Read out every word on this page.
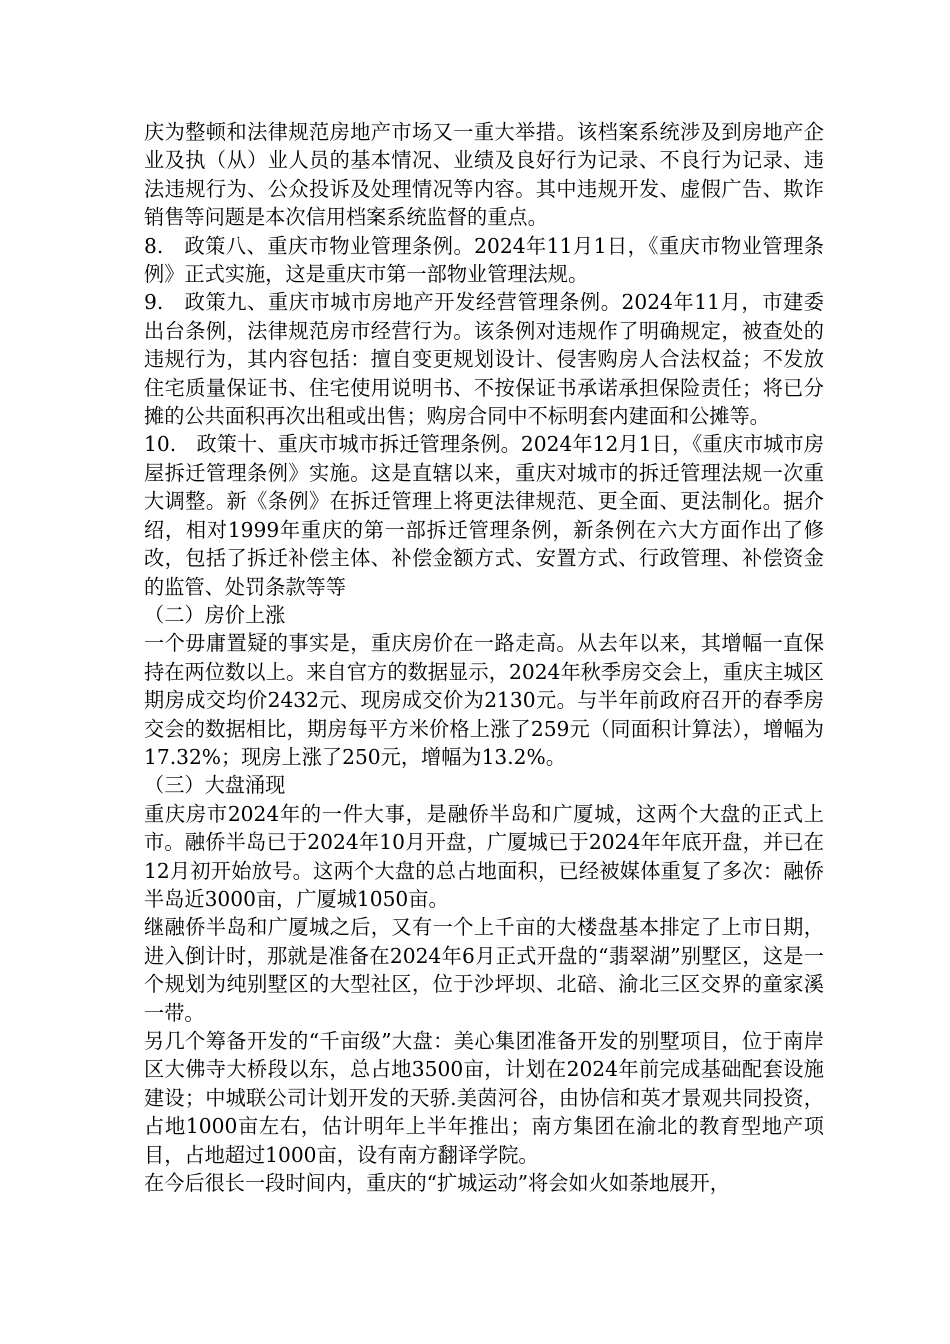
庆为整顿和法律规范房地产市场又一重大举措。该档案系统涉及到房地产企业及执（从）业人员的基本情况、业绩及良好行为记录、不良行为记录、违法违规行为、公众投诉及处理情况等内容。其中违规开发、虚假广告、欺诈销售等问题是本次信用档案系统监督的重点。

8.　政策八、重庆市物业管理条例。2024年11月1日，《重庆市物业管理条例》正式实施，这是重庆市第一部物业管理法规。

9.　政策九、重庆市城市房地产开发经营管理条例。2024年11月，市建委出台条例，法律规范房市经营行为。该条例对违规作了明确规定，被查处的违规行为，其内容包括：擅自变更规划设计、侵害购房人合法权益；不发放住宅质量保证书、住宅使用说明书、不按保证书承诺承担保险责任；将已分摊的公共面积再次出租或出售；购房合同中不标明套内建面和公摊等。

10.　政策十、重庆市城市拆迁管理条例。2024年12月1日，《重庆市城市房屋拆迁管理条例》实施。这是直辖以来，重庆对城市的拆迁管理法规一次重大调整。新《条例》在拆迁管理上将更法律规范、更全面、更法制化。据介绍，相对1999年重庆的第一部拆迁管理条例，新条例在六大方面作出了修改，包括了拆迁补偿主体、补偿金额方式、安置方式、行政管理、补偿资金的监管、处罚条款等等

（二）房价上涨

一个毋庸置疑的事实是，重庆房价在一路走高。从去年以来，其增幅一直保持在两位数以上。来自官方的数据显示，2024年秋季房交会上，重庆主城区期房成交均价2432元、现房成交价为2130元。与半年前政府召开的春季房交会的数据相比，期房每平方米价格上涨了259元（同面积计算法），增幅为17.32%；现房上涨了250元，增幅为13.2%。

（三）大盘涌现

重庆房市2024年的一件大事，是融侨半岛和广厦城，这两个大盘的正式上市。融侨半岛已于2024年10月开盘，广厦城已于2024年年底开盘，并已在12月初开始放号。这两个大盘的总占地面积，已经被媒体重复了多次：融侨半岛近3000亩，广厦城1050亩。

继融侨半岛和广厦城之后，又有一个上千亩的大楼盘基本排定了上市日期，进入倒计时，那就是准备在2024年6月正式开盘的“翡翠湖”别墅区，这是一个规划为纯别墅区的大型社区，位于沙坪坝、北碚、渝北三区交界的童家溪一带。

另几个筹备开发的“千亩级”大盘：美心集团准备开发的别墅项目，位于南岸区大佛寺大桥段以东，总占地3500亩，计划在2024年前完成基础配套设施建设；中城联公司计划开发的天骄.美茵河谷，由协信和英才景观共同投资，占地1000亩左右，估计明年上半年推出；南方集团在渝北的教育型地产项目，占地超过1000亩，设有南方翻译学院。

在今后很长一段时间内，重庆的“扩城运动”将会如火如荼地展开，
